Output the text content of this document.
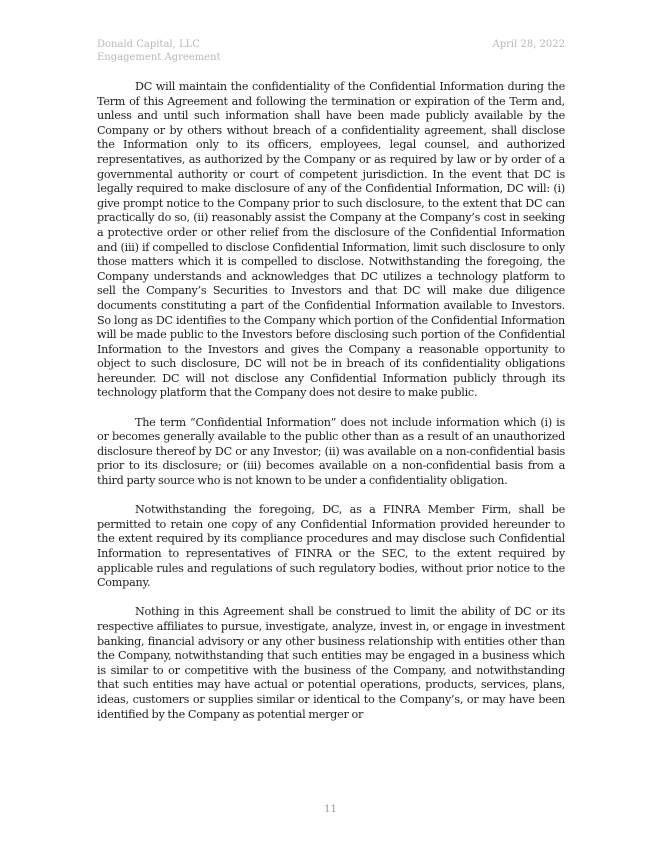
Donald Capital, LLC
Engagement Agreement
April 28, 2022

DC will maintain the confidentiality of the Confidential Information during the Term of this Agreement and following the termination or expiration of the Term and, unless and until such information shall have been made publicly available by the Company or by others without breach of a confidentiality agreement, shall disclose the Information only to its officers, employees, legal counsel, and authorized representatives, as authorized by the Company or as required by law or by order of a governmental authority or court of competent jurisdiction. In the event that DC is legally required to make disclosure of any of the Confidential Information, DC will: (i) give prompt notice to the Company prior to such disclosure, to the extent that DC can practically do so, (ii) reasonably assist the Company at the Company’s cost in seeking a protective order or other relief from the disclosure of the Confidential Information and (iii) if compelled to disclose Confidential Information, limit such disclosure to only those matters which it is compelled to disclose. Notwithstanding the foregoing, the Company understands and acknowledges that DC utilizes a technology platform to sell the Company’s Securities to Investors and that DC will make due diligence documents constituting a part of the Confidential Information available to Investors. So long as DC identifies to the Company which portion of the Confidential Information will be made public to the Investors before disclosing such portion of the Confidential Information to the Investors and gives the Company a reasonable opportunity to object to such disclosure, DC will not be in breach of its confidentiality obligations hereunder. DC will not disclose any Confidential Information publicly through its technology platform that the Company does not desire to make public.

The term “Confidential Information” does not include information which (i) is or becomes generally available to the public other than as a result of an unauthorized disclosure thereof by DC or any Investor; (ii) was available on a non-confidential basis prior to its disclosure; or (iii) becomes available on a non-confidential basis from a third party source who is not known to be under a confidentiality obligation.

Notwithstanding the foregoing, DC, as a FINRA Member Firm, shall be permitted to retain one copy of any Confidential Information provided hereunder to the extent required by its compliance procedures and may disclose such Confidential Information to representatives of FINRA or the SEC, to the extent required by applicable rules and regulations of such regulatory bodies, without prior notice to the Company.

Nothing in this Agreement shall be construed to limit the ability of DC or its respective affiliates to pursue, investigate, analyze, invest in, or engage in investment banking, financial advisory or any other business relationship with entities other than the Company, notwithstanding that such entities may be engaged in a business which is similar to or competitive with the business of the Company, and notwithstanding that such entities may have actual or potential operations, products, services, plans, ideas, customers or supplies similar or identical to the Company’s, or may have been identified by the Company as potential merger or

11
